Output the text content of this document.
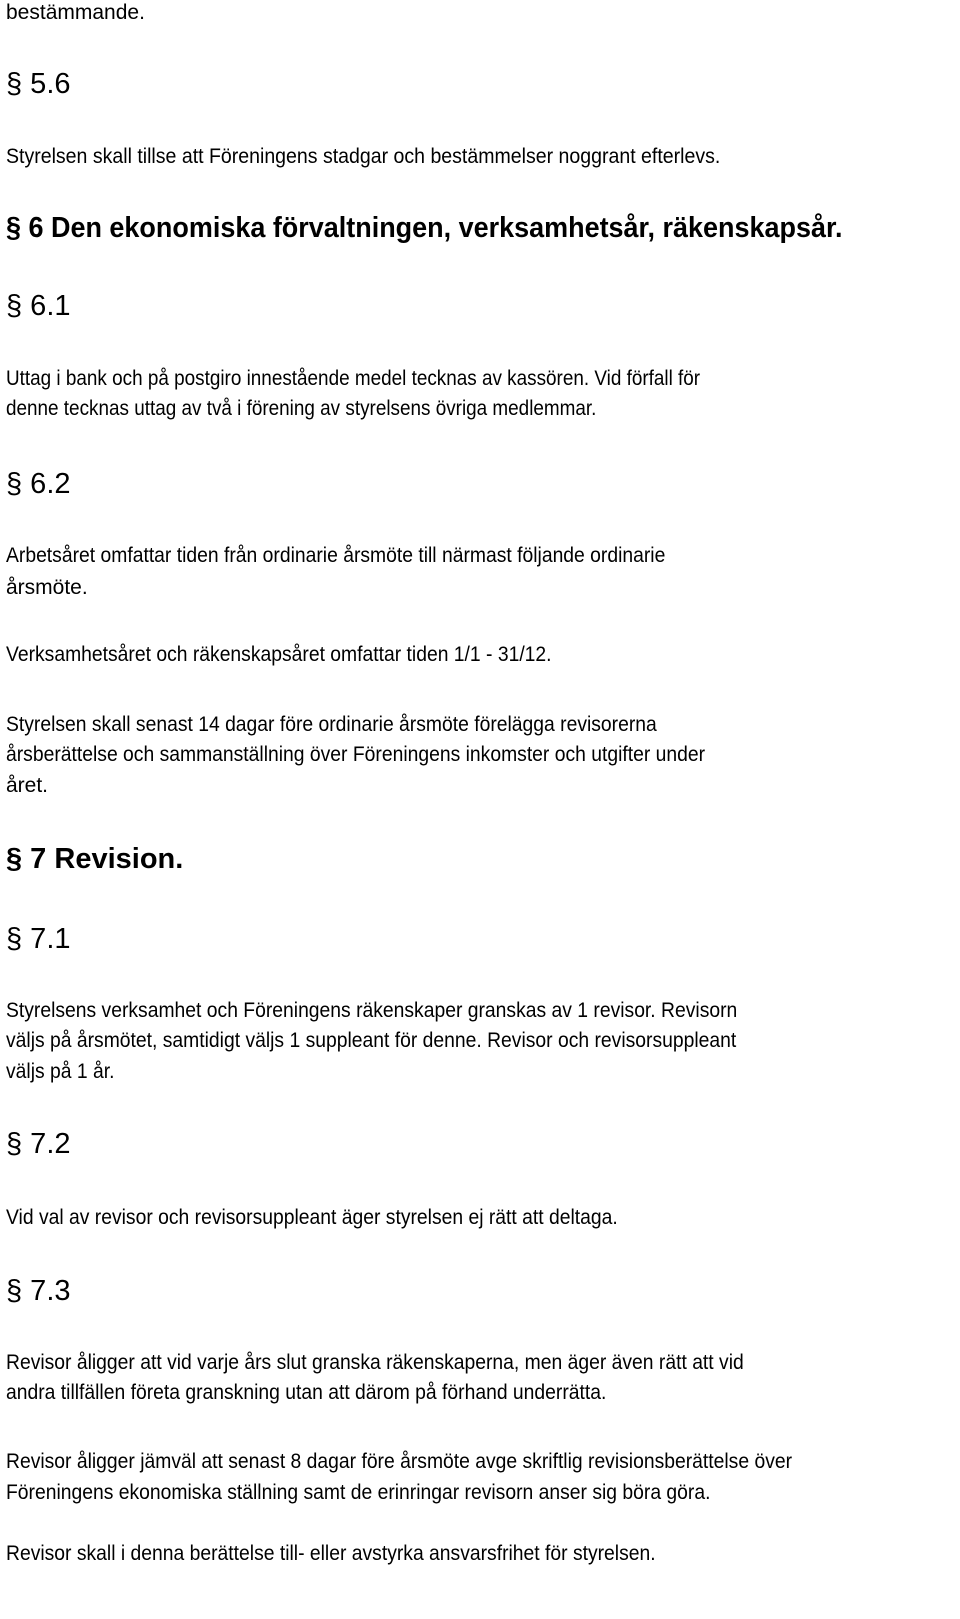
bestämmande.
§ 5.6
Styrelsen skall tillse att Föreningens stadgar och bestämmelser noggrant efterlevs.
§ 6 Den ekonomiska förvaltningen, verksamhetsår, räkenskapsår.
§ 6.1
Uttag i bank och på postgiro innestående medel tecknas av kassören. Vid förfall för
denne tecknas uttag av två i förening av styrelsens övriga medlemmar.
§ 6.2
Arbetsåret omfattar tiden från ordinarie årsmöte till närmast följande ordinarie
årsmöte.
Verksamhetsåret och räkenskapsåret omfattar tiden 1/1 - 31/12.
Styrelsen skall senast 14 dagar före ordinarie årsmöte förelägga revisorerna
årsberättelse och sammanställning över Föreningens inkomster och utgifter under
året.
§ 7 Revision.
§ 7.1
Styrelsens verksamhet och Föreningens räkenskaper granskas av 1 revisor. Revisorn
väljs på årsmötet, samtidigt väljs 1 suppleant för denne. Revisor och revisorsuppleant
väljs på 1 år.
§ 7.2
Vid val av revisor och revisorsuppleant äger styrelsen ej rätt att deltaga.
§ 7.3
Revisor åligger att vid varje års slut granska räkenskaperna, men äger även rätt att vid
andra tillfällen företa granskning utan att därom på förhand underrätta.
Revisor åligger jämväl att senast 8 dagar före årsmöte avge skriftlig revisionsberättelse över
Föreningens ekonomiska ställning samt de erinringar revisorn anser sig böra göra.
Revisor skall i denna berättelse till- eller avstyrka ansvarsfrihet för styrelsen.
